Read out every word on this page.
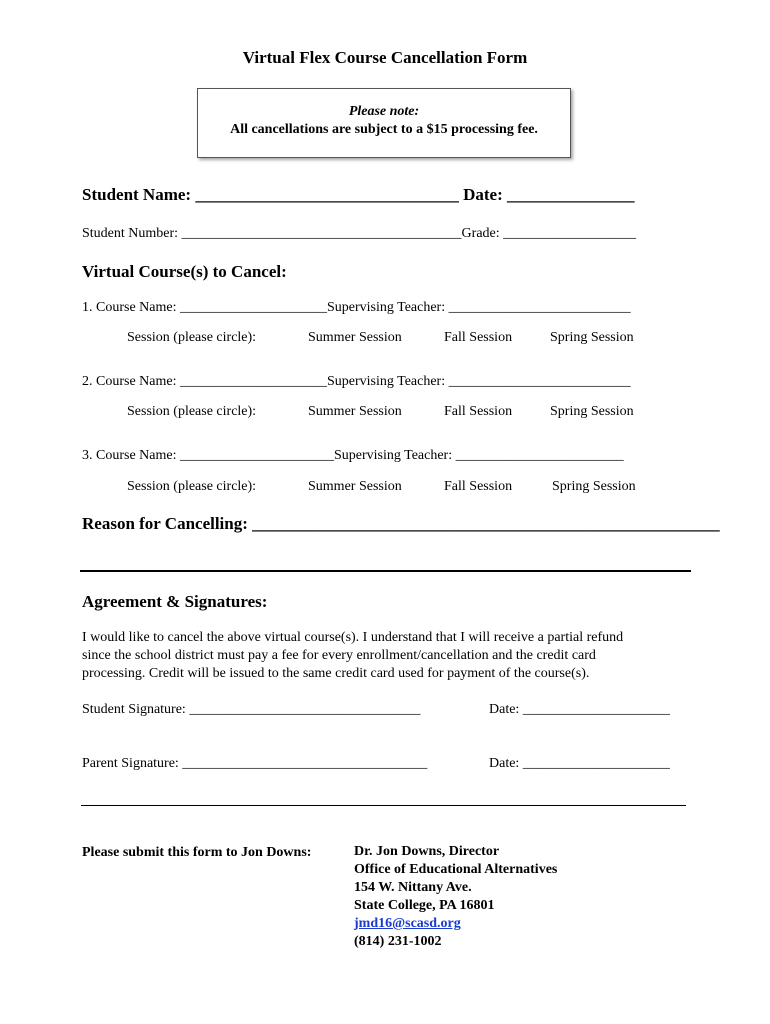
Virtual Flex Course Cancellation Form
Please note:
All cancellations are subject to a $15 processing fee.
Student Name: _______________________________ Date: _______________
Student Number: ________________________________________Grade: ___________________
Virtual Course(s) to Cancel:
1. Course Name: _____________________Supervising Teacher: __________________________
Session (please circle):	Summer Session	Fall Session	Spring Session
2. Course Name: _____________________Supervising Teacher: __________________________
Session (please circle):	Summer Session	Fall Session	Spring Session
3. Course Name: ______________________Supervising Teacher: ________________________
Session (please circle):	Summer Session	Fall Session	Spring Session
Reason for Cancelling: _______________________________________________________
Agreement & Signatures:
I would like to cancel the above virtual course(s). I understand that I will receive a partial refund
since the school district must pay a fee for every enrollment/cancellation and the credit card
processing. Credit will be issued to the same credit card used for payment of the course(s).
Student Signature: _________________________________	Date: _____________________
Parent Signature: ___________________________________	Date: _____________________
Please submit this form to Jon Downs:	Dr. Jon Downs, Director
Office of Educational Alternatives
154 W. Nittany Ave.
State College, PA 16801
jmd16@scasd.org
(814) 231-1002
